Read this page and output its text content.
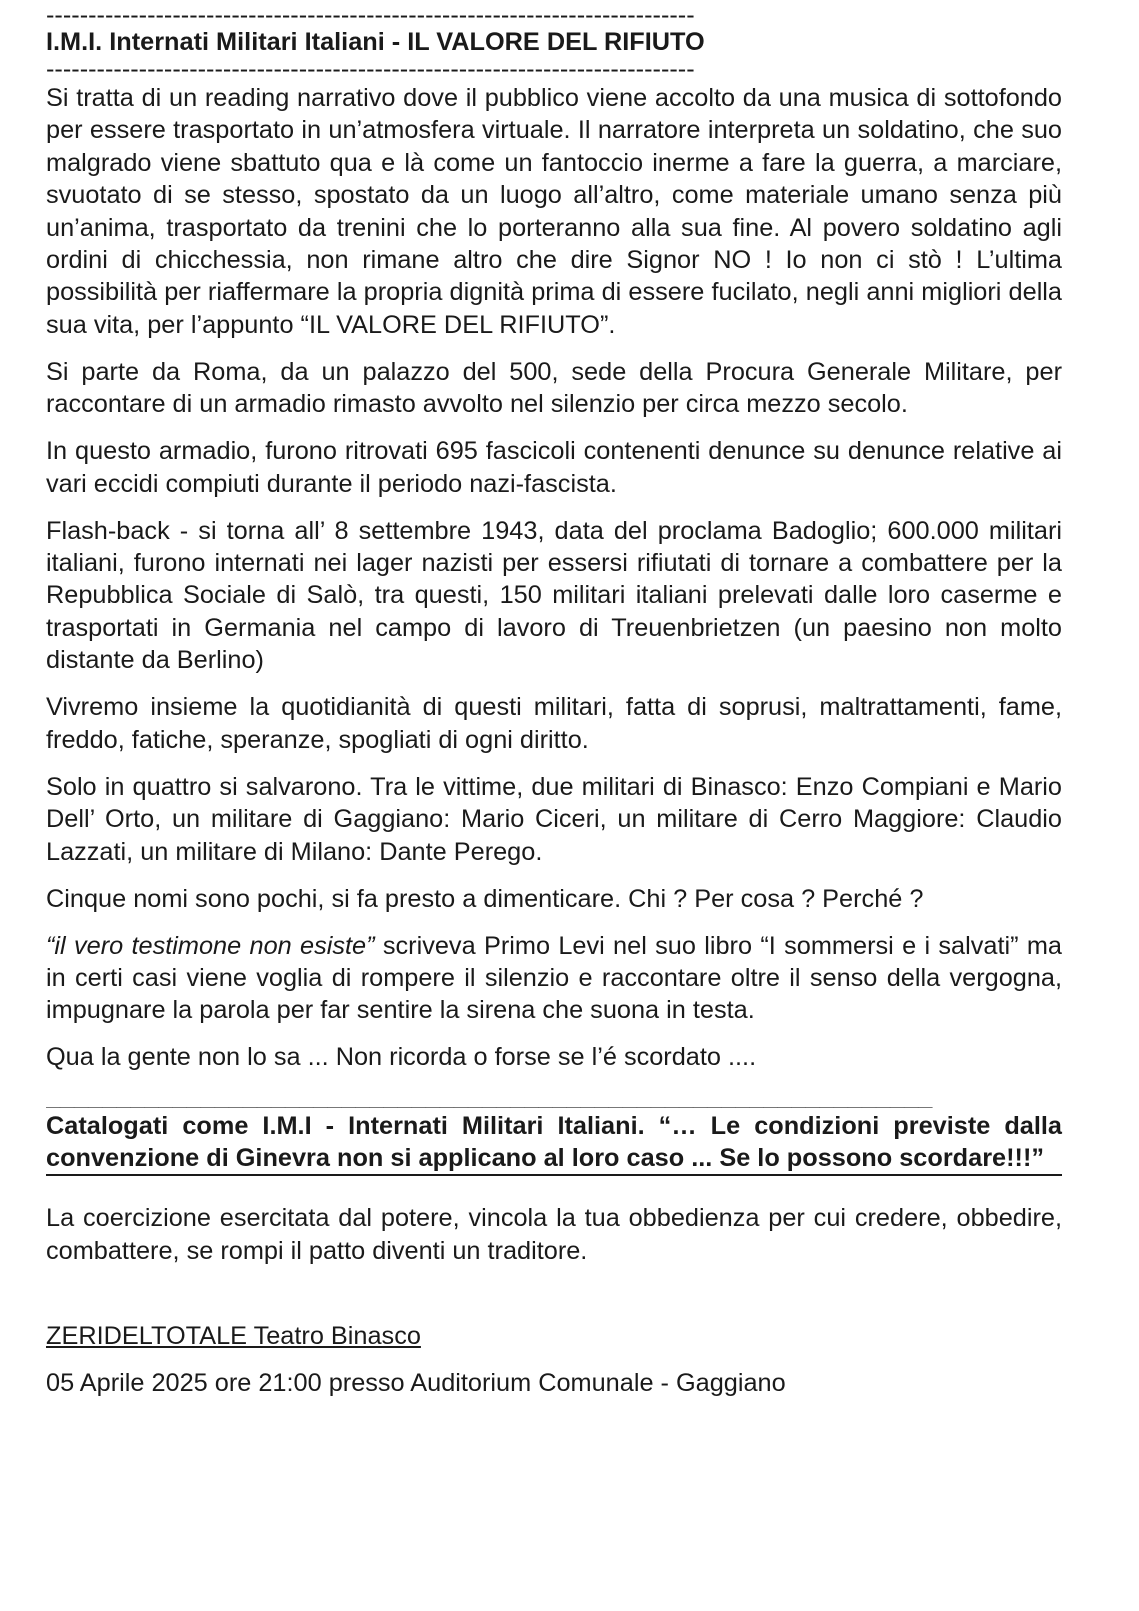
-----------------------------------------------------------------------------
I.M.I. Internati Militari Italiani - IL VALORE DEL RIFIUTO
-----------------------------------------------------------------------------

Si tratta di un reading narrativo dove il pubblico viene accolto da una musica di sottofondo per essere trasportato in un’atmosfera virtuale. Il narratore interpreta un soldatino, che suo malgrado viene sbattuto qua e là come un fantoccio inerme a fare la guerra, a marciare, svuotato di se stesso, spostato da un luogo all’altro, come materiale umano senza più un’anima, trasportato da trenini che lo porteranno alla sua fine. Al povero soldatino agli ordini di chicchessia, non rimane altro che dire Signor NO ! Io non ci stò ! L’ultima possibilità per riaffermare la propria dignità prima di essere fucilato, negli anni migliori della sua vita, per l’appunto “IL VALORE DEL RIFIUTO”.

Si parte da Roma, da un palazzo del 500, sede della Procura Generale Militare, per raccontare di un armadio rimasto avvolto nel silenzio per circa mezzo secolo.

In questo armadio, furono ritrovati 695 fascicoli contenenti denunce su denunce relative ai vari eccidi compiuti durante il periodo nazi-fascista.

Flash-back - si torna all’ 8 settembre 1943, data del proclama Badoglio; 600.000 militari italiani, furono internati nei lager nazisti per essersi rifiutati di tornare a combattere per la Repubblica Sociale di Salò, tra questi, 150 militari italiani prelevati dalle loro caserme e trasportati in Germania nel campo di lavoro di Treuenbrietzen (un paesino non molto distante da Berlino)

Vivremo insieme la quotidianità di questi militari, fatta di soprusi, maltrattamenti, fame, freddo, fatiche, speranze, spogliati di ogni diritto.

Solo in quattro si salvarono. Tra le vittime, due militari di Binasco: Enzo Compiani e Mario Dell’ Orto, un militare di Gaggiano: Mario Ciceri, un militare di Cerro Maggiore: Claudio Lazzati, un militare di Milano: Dante Perego.

Cinque nomi sono pochi, si fa presto a dimenticare. Chi ? Per cosa ? Perché ?

“il vero testimone non esiste” scriveva Primo Levi nel suo libro “I sommersi e i salvati” ma in certi casi viene voglia di rompere il silenzio e raccontare oltre il senso della vergogna, impugnare la parola per far sentire la sirena che suona in testa.

Qua la gente non lo sa ... Non ricorda o forse se l’é scordato ....

_______________________________________________________________

Catalogati come I.M.I - Internati Militari Italiani. “… Le condizioni previste dalla convenzione di Ginevra non si applicano al loro caso ... Se lo possono scordare!!!”

La coercizione esercitata dal potere, vincola la tua obbedienza per cui credere, obbedire, combattere, se rompi il patto diventi un traditore.

ZERIDELTOTALE Teatro Binasco

05 Aprile 2025 ore 21:00 presso Auditorium Comunale - Gaggiano
